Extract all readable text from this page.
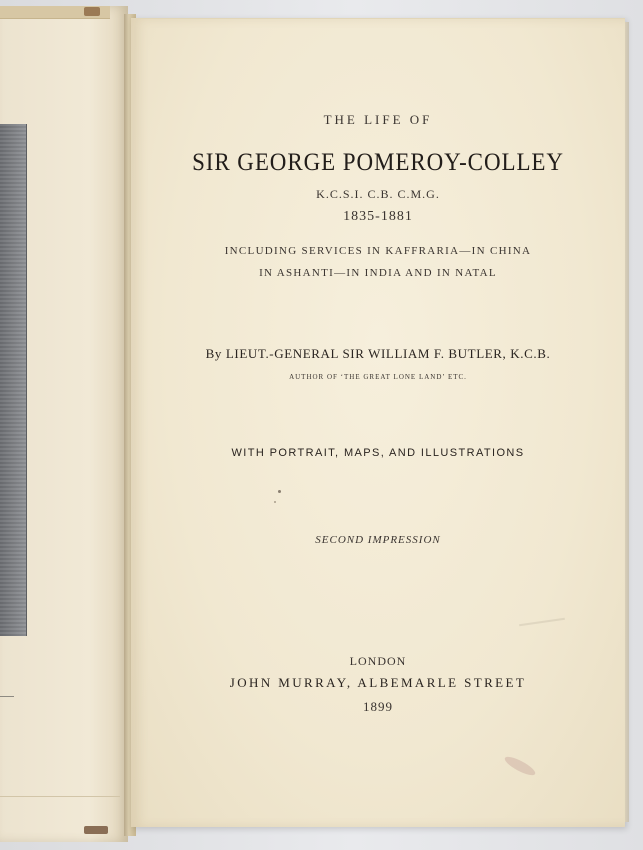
THE LIFE OF
SIR GEORGE POMEROY-COLLEY
K.C.S.I. C.B. C.M.G.
1835-1881
INCLUDING SERVICES IN KAFFRARIA—IN CHINA
IN ASHANTI—IN INDIA AND IN NATAL
By LIEUT.-GENERAL SIR WILLIAM F. BUTLER, K.C.B.
AUTHOR OF ‘THE GREAT LONE LAND’ ETC.
WITH PORTRAIT, MAPS, AND ILLUSTRATIONS
SECOND IMPRESSION
LONDON
JOHN MURRAY, ALBEMARLE STREET
1899
